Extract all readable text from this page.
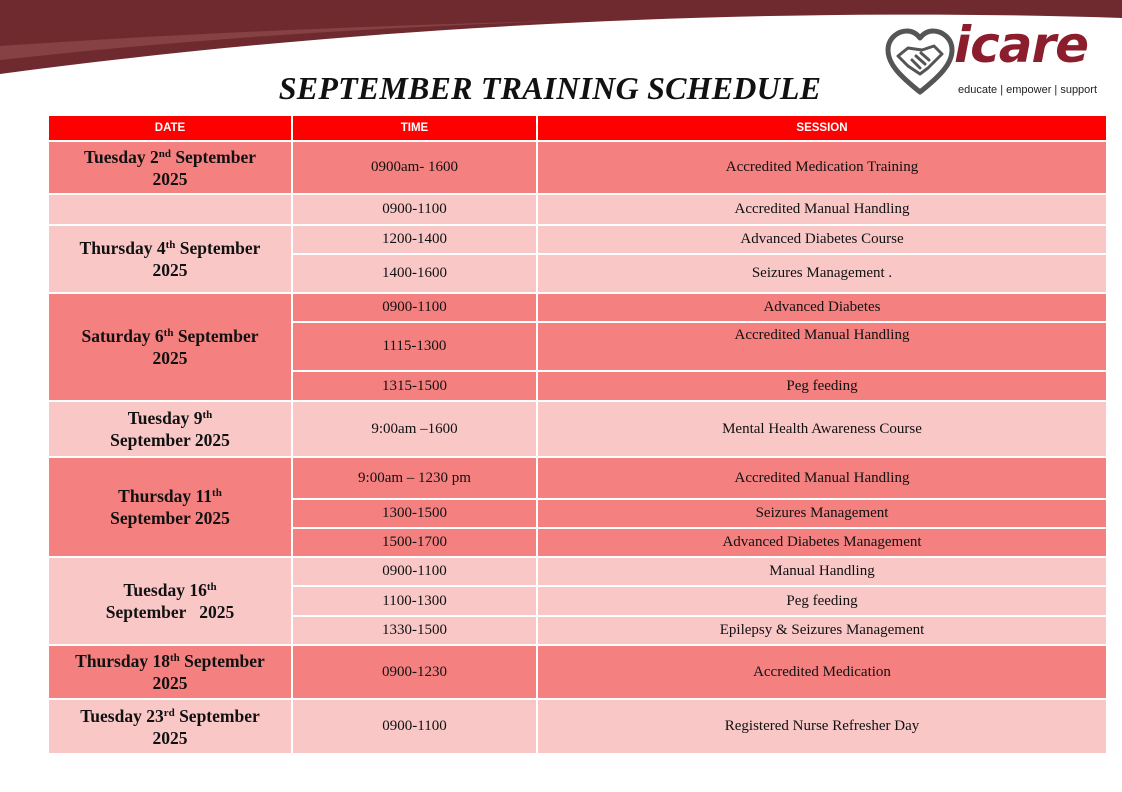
icare
educate | empower | support
SEPTEMBER TRAINING SCHEDULE
DATE	TIME	SESSION
Tuesday 2nd September
2025	0900am- 1600	Accredited Medication Training
	0900-1100	Accredited Manual Handling
Thursday 4th September
2025	1200-1400	Advanced Diabetes Course
	1400-1600	Seizures Management .
Saturday 6th September
2025	0900-1100	Advanced Diabetes
	1115-1300	Accredited Manual Handling
	1315-1500	Peg feeding
Tuesday 9th
September 2025	9:00am –1600	Mental Health Awareness Course
Thursday 11th
September 2025	9:00am – 1230 pm	Accredited Manual Handling
	1300-1500	Seizures Management
	1500-1700	Advanced Diabetes Management
Tuesday 16th
September   2025	0900-1100	Manual Handling
	1100-1300	Peg feeding
	1330-1500	Epilepsy & Seizures Management
Thursday 18th September
2025	0900-1230	Accredited Medication
Tuesday 23rd September
2025	0900-1100	Registered Nurse Refresher Day
